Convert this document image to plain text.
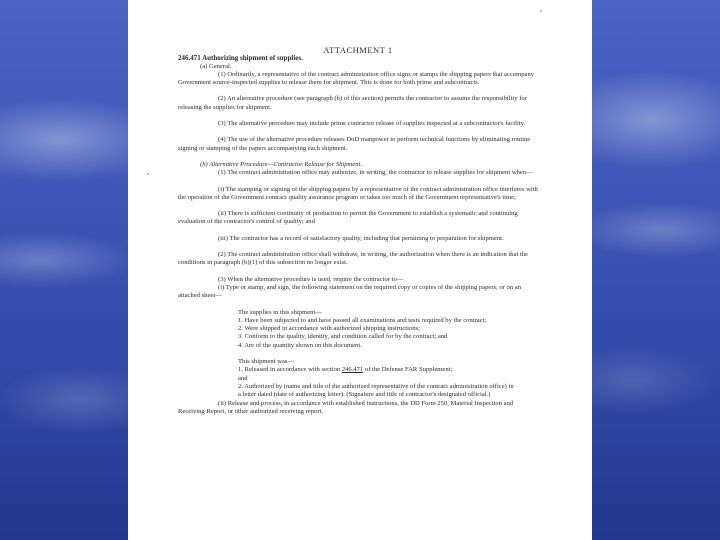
ATTACHMENT 1

246.471 Authorizing shipment of supplies.

(a) General.

(1) Ordinarily, a representative of the contract administration office signs or stamps the shipping papers that accompany Government source-inspected supplies to release them for shipment. This is done for both prime and subcontracts.

(2) An alternative procedure (see paragraph (b) of this section) permits the contractor to assume the responsibility for releasing the supplies for shipment.

(3) The alternative procedure may include prime contractor release of supplies inspected at a subcontractor's facility.

(4) The use of the alternative procedure releases DoD manpower to perform technical functions by eliminating routine signing or stamping of the papers accompanying each shipment.

(b) Alternative Procedure—Contractor Release for Shipment.

(1) The contract administration office may authorize, in writing, the contractor to release supplies for shipment when—

(i) The stamping or signing of the shipping papers by a representative of the contract administration office interferes with the operation of the Government contract quality assurance program or takes too much of the Government representative's time;

(ii) There is sufficient continuity of production to permit the Government to establish a systematic and continuing evaluation of the contractor's control of quality; and

(iii) The contractor has a record of satisfactory quality, including that pertaining to preparation for shipment.

(2) The contract administration office shall withdraw, in writing, the authorization when there is an indication that the conditions in paragraph (b)(1) of this subsection no longer exist.

(3) When the alternative procedure is used, require the contractor to—

(i) Type or stamp, and sign, the following statement on the required copy or copies of the shipping papers, or on an attached sheet—

The supplies in this shipment—

1. Have been subjected to and have passed all examinations and tests required by the contract;

2. Were shipped in accordance with authorized shipping instructions;

3. Conform to the quality, identity, and condition called for by the contract; and

4. Are of the quantity shown on this document.

This shipment was—

1. Released in accordance with section 246.471 of the Defense FAR Supplement;

and

2. Authorized by (name and title of the authorized representative of the contract administration office) in a letter dated (date of authorizing letter). (Signature and title of contractor's designated official.)

(ii) Release and process, in accordance with established instructions, the DD Form 250, Material Inspection and Receiving Report, or other authorized receiving report.
